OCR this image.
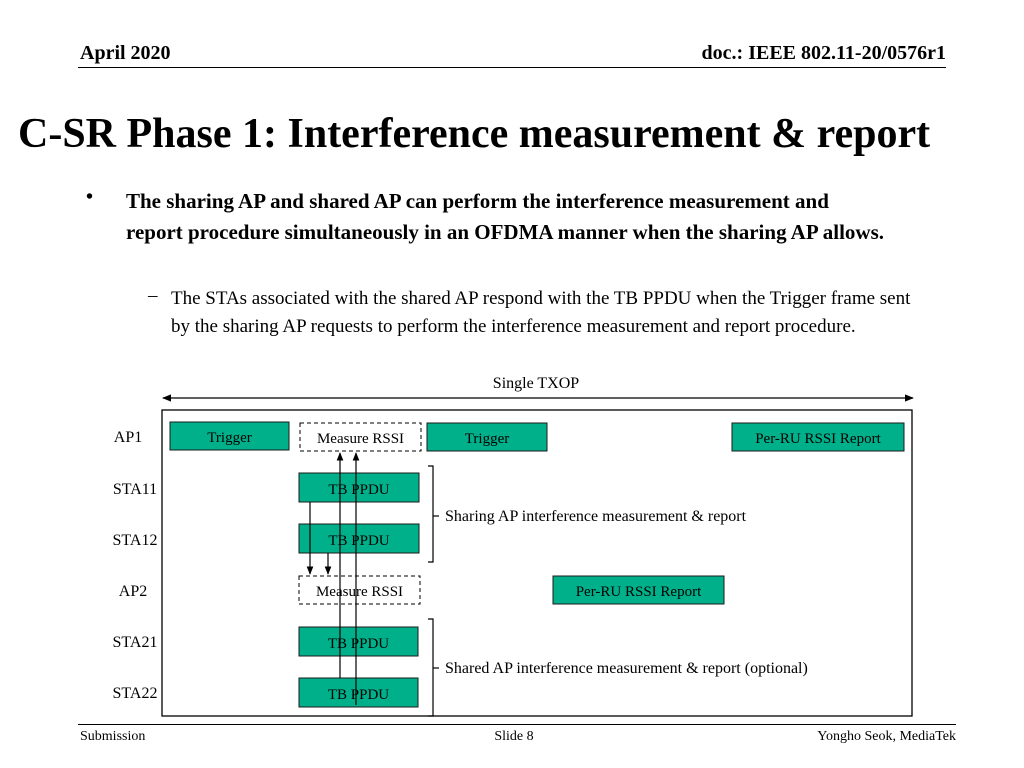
April 2020	doc.: IEEE 802.11-20/0576r1
C-SR Phase 1: Interference measurement & report
• The sharing AP and shared AP can perform the interference measurement and report procedure simultaneously in an OFDMA manner when the sharing AP allows.
– The STAs associated with the shared AP respond with the TB PPDU when the Trigger frame sent by the sharing AP requests to perform the interference measurement and report procedure.
Single TXOP
AP1
STA11
STA12
AP2
STA21
STA22
Trigger	Measure RSSI	Trigger	Per-RU RSSI Report
TB PPDU
TB PPDU
Measure RSSI	Per-RU RSSI Report
TB PPDU
TB PPDU
Sharing AP interference measurement & report
Shared AP interference measurement & report (optional)
Submission	Slide 8	Yongho Seok, MediaTek
